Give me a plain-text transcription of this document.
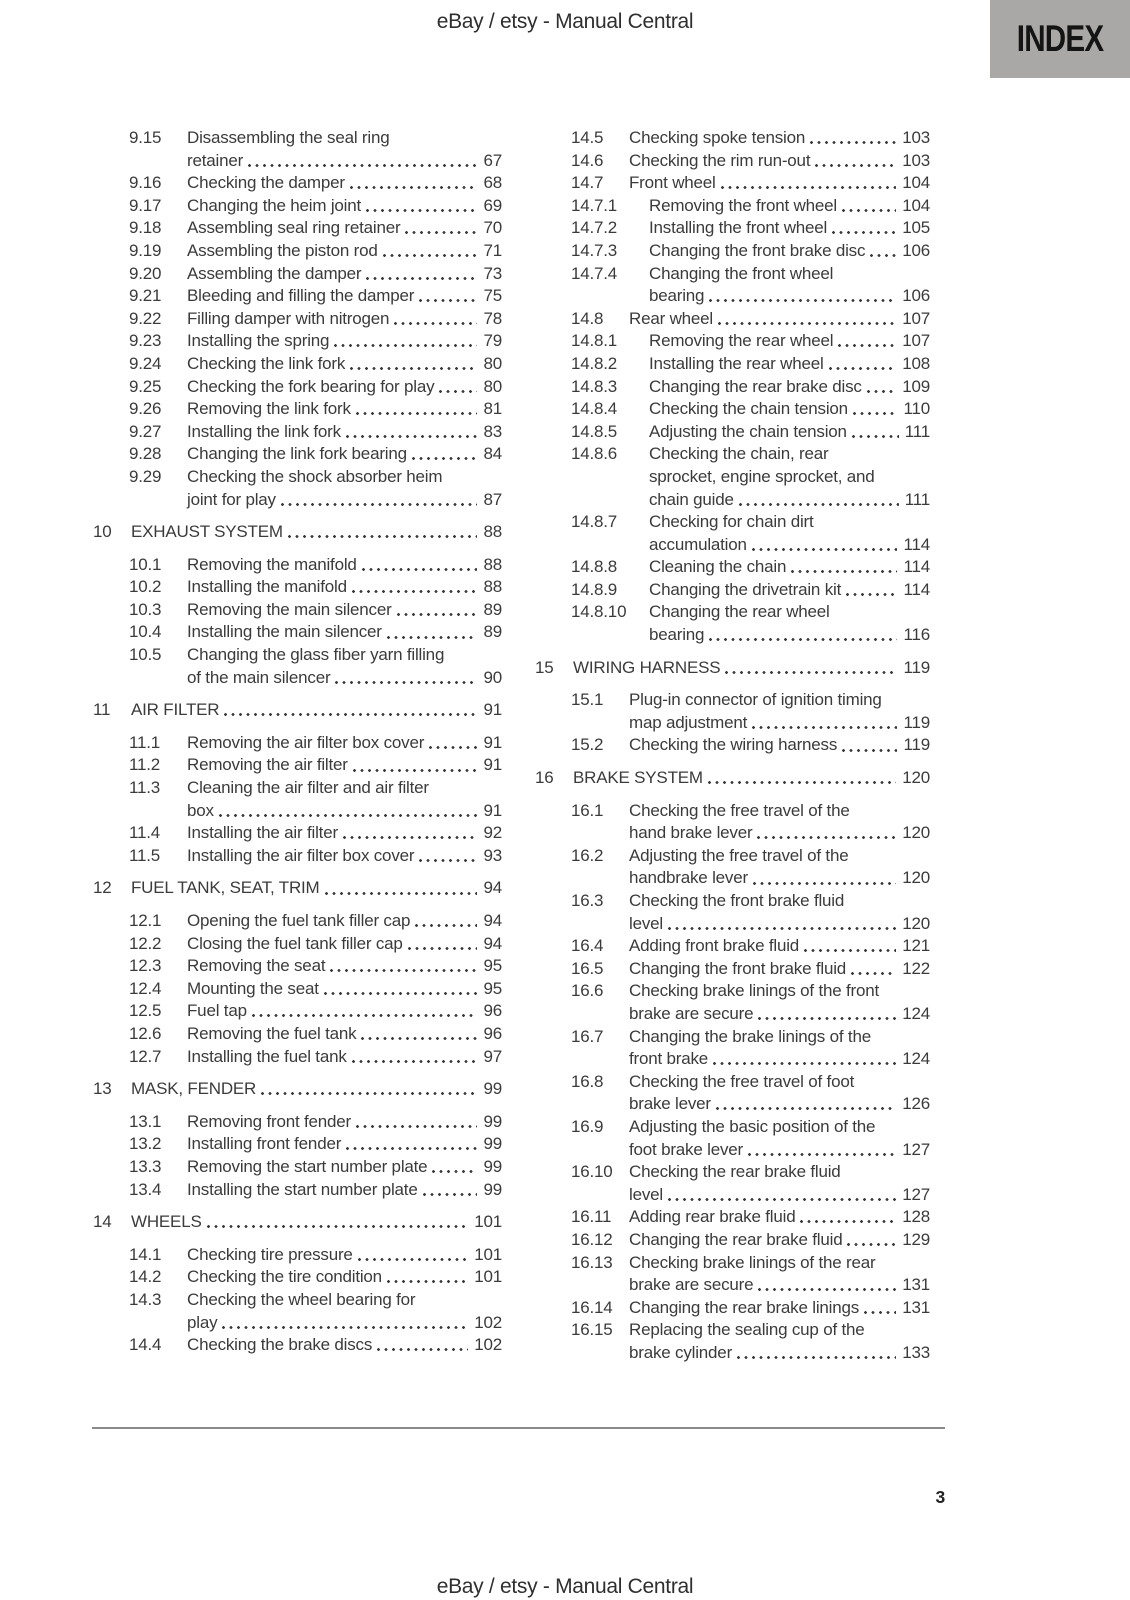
eBay / etsy - Manual Central	INDEX
9.15	Disassembling the seal ring
retainer	67
9.16	Checking the damper	68
9.17	Changing the heim joint	69
9.18	Assembling seal ring retainer	70
9.19	Assembling the piston rod	71
9.20	Assembling the damper	73
9.21	Bleeding and filling the damper	75
9.22	Filling damper with nitrogen	78
9.23	Installing the spring	79
9.24	Checking the link fork	80
9.25	Checking the fork bearing for play	80
9.26	Removing the link fork	81
9.27	Installing the link fork	83
9.28	Changing the link fork bearing	84
9.29	Checking the shock absorber heim
joint for play	87
10	EXHAUST SYSTEM	88
10.1	Removing the manifold	88
10.2	Installing the manifold	88
10.3	Removing the main silencer	89
10.4	Installing the main silencer	89
10.5	Changing the glass fiber yarn filling
of the main silencer	90
11	AIR FILTER	91
11.1	Removing the air filter box cover	91
11.2	Removing the air filter	91
11.3	Cleaning the air filter and air filter
box	91
11.4	Installing the air filter	92
11.5	Installing the air filter box cover	93
12	FUEL TANK, SEAT, TRIM	94
12.1	Opening the fuel tank filler cap	94
12.2	Closing the fuel tank filler cap	94
12.3	Removing the seat	95
12.4	Mounting the seat	95
12.5	Fuel tap	96
12.6	Removing the fuel tank	96
12.7	Installing the fuel tank	97
13	MASK, FENDER	99
13.1	Removing front fender	99
13.2	Installing front fender	99
13.3	Removing the start number plate	99
13.4	Installing the start number plate	99
14	WHEELS	101
14.1	Checking tire pressure	101
14.2	Checking the tire condition	101
14.3	Checking the wheel bearing for
play	102
14.4	Checking the brake discs	102
14.5	Checking spoke tension	103
14.6	Checking the rim run-out	103
14.7	Front wheel	104
14.7.1	Removing the front wheel	104
14.7.2	Installing the front wheel	105
14.7.3	Changing the front brake disc 106
14.7.4	Changing the front wheel
bearing	106
14.8	Rear wheel	107
14.8.1	Removing the rear wheel	107
14.8.2	Installing the rear wheel	108
14.8.3	Changing the rear brake disc 109
14.8.4	Checking the chain tension	110
14.8.5	Adjusting the chain tension	111
14.8.6	Checking the chain, rear
sprocket, engine sprocket, and
chain guide	111
14.8.7	Checking for chain dirt
accumulation	114
14.8.8	Cleaning the chain	114
14.8.9	Changing the drivetrain kit	114
14.8.10	Changing the rear wheel
bearing	116
15	WIRING HARNESS	119
15.1	Plug-in connector of ignition timing
map adjustment	119
15.2	Checking the wiring harness	119
16	BRAKE SYSTEM	120
16.1	Checking the free travel of the
hand brake lever	120
16.2	Adjusting the free travel of the
handbrake lever	120
16.3	Checking the front brake fluid
level	120
16.4	Adding front brake fluid	121
16.5	Changing the front brake fluid	122
16.6	Checking brake linings of the front
brake are secure	124
16.7	Changing the brake linings of the
front brake	124
16.8	Checking the free travel of foot
brake lever	126
16.9	Adjusting the basic position of the
foot brake lever	127
16.10 Checking the rear brake fluid
level	127
16.11	Adding rear brake fluid	128
16.12 Changing the rear brake fluid	129
16.13 Checking brake linings of the rear
brake are secure	131
16.14 Changing the rear brake linings	131
16.15 Replacing the sealing cup of the
brake cylinder	133
3
eBay / etsy - Manual Central
